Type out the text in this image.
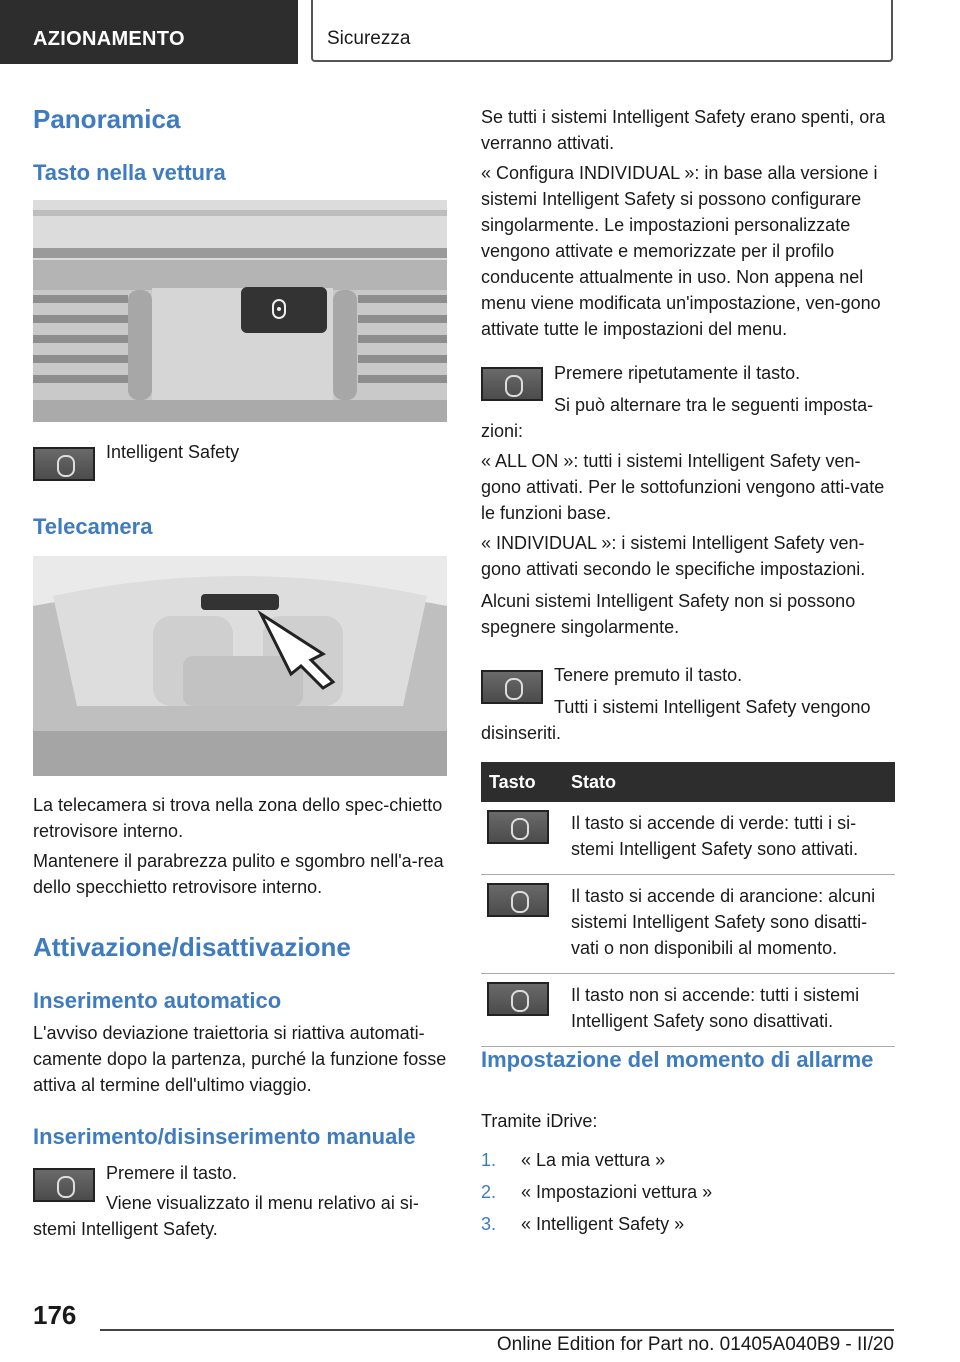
AZIONAMENTO	Sicurezza
Panoramica
Tasto nella vettura

Intelligent Safety

Telecamera

La telecamera si trova nella zona dello spec-chietto retrovisore interno.

Mantenere il parabrezza pulito e sgombro nell'a-rea dello specchietto retrovisore interno.

Attivazione/disattivazione
Inserimento automatico

L'avviso deviazione traiettoria si riattiva automati-camente dopo la partenza, purché la funzione fosse attiva al termine dell'ultimo viaggio.

Inserimento/disinserimento manuale

Premere il tasto.

Viene visualizzato il menu relativo ai si-stemi Intelligent Safety.

Se tutti i sistemi Intelligent Safety erano spenti, ora verranno attivati.

« Configura INDIVIDUAL »: in base alla versione i sistemi Intelligent Safety si possono configurare singolarmente. Le impostazioni personalizzate vengono attivate e memorizzate per il profilo conducente attualmente in uso. Non appena nel menu viene modificata un'impostazione, ven-gono attivate tutte le impostazioni del menu.

Premere ripetutamente il tasto.

Si può alternare tra le seguenti imposta-zioni:

« ALL ON »: tutti i sistemi Intelligent Safety ven-gono attivati. Per le sottofunzioni vengono atti-vate le funzioni base.

« INDIVIDUAL »: i sistemi Intelligent Safety ven-gono attivati secondo le specifiche impostazioni.

Alcuni sistemi Intelligent Safety non si possono spegnere singolarmente.

Tenere premuto il tasto.

Tutti i sistemi Intelligent Safety vengono disinseriti.

Tasto	Stato

	Il tasto si accende di verde: tutti i si-stemi Intelligent Safety sono attivati.

	Il tasto si accende di arancione: alcuni sistemi Intelligent Safety sono disatti-vati o non disponibili al momento.

	Il tasto non si accende: tutti i sistemi Intelligent Safety sono disattivati.
Impostazione del momento di allarme

Tramite iDrive:

1. « La mia vettura »
2. « Impostazioni vettura »
3. « Intelligent Safety »
176
Online Edition for Part no. 01405A040B9 - II/20
